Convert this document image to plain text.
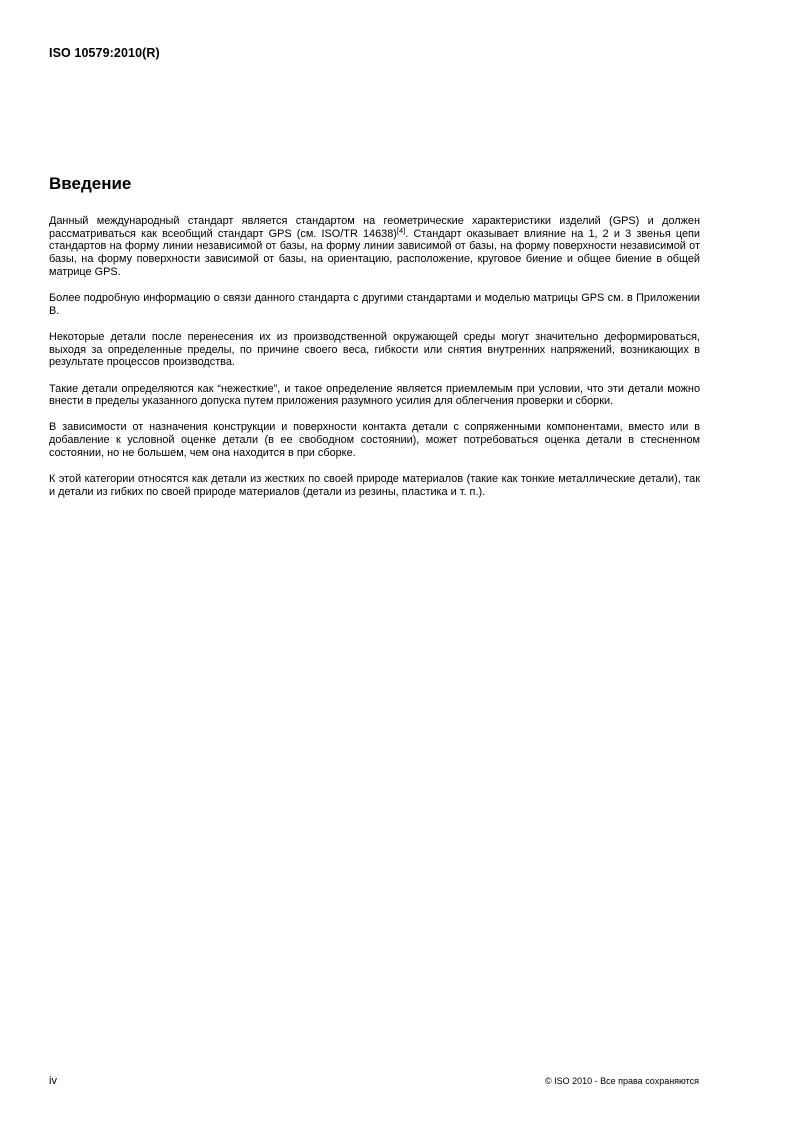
ISO 10579:2010(R)
Введение

Данный международный стандарт является стандартом на геометрические характеристики изделий (GPS) и должен рассматриваться как всеобщий стандарт GPS (см. ISO/TR 14638)[4]. Стандарт оказывает влияние на 1, 2 и 3 звенья цепи стандартов на форму линии независимой от базы, на форму линии зависимой от базы, на форму поверхности независимой от базы, на форму поверхности зависимой от базы, на ориентацию, расположение, круговое биение и общее биение в общей матрице GPS.

Более подробную информацию о связи данного стандарта с другими стандартами и моделью матрицы GPS см. в Приложении B.

Некоторые детали после перенесения их из производственной окружающей среды могут значительно деформироваться, выходя за определенные пределы, по причине своего веса, гибкости или снятия внутренних напряжений, возникающих в результате процессов производства.

Такие детали определяются как “нежесткие”, и такое определение является приемлемым при условии, что эти детали можно внести в пределы указанного допуска путем приложения разумного усилия для облегчения проверки и сборки.

В зависимости от назначения конструкции и поверхности контакта детали с сопряженными компонентами, вместо или в добавление к условной оценке детали (в ее свободном состоянии), может потребоваться оценка детали в стесненном состоянии, но не большем, чем она находится в при сборке.

К этой категории относятся как детали из жестких по своей природе материалов (такие как тонкие металлические детали), так и детали из гибких по своей природе материалов (детали из резины, пластика и т. п.).

iv	© ISO 2010 - Все права сохраняются
